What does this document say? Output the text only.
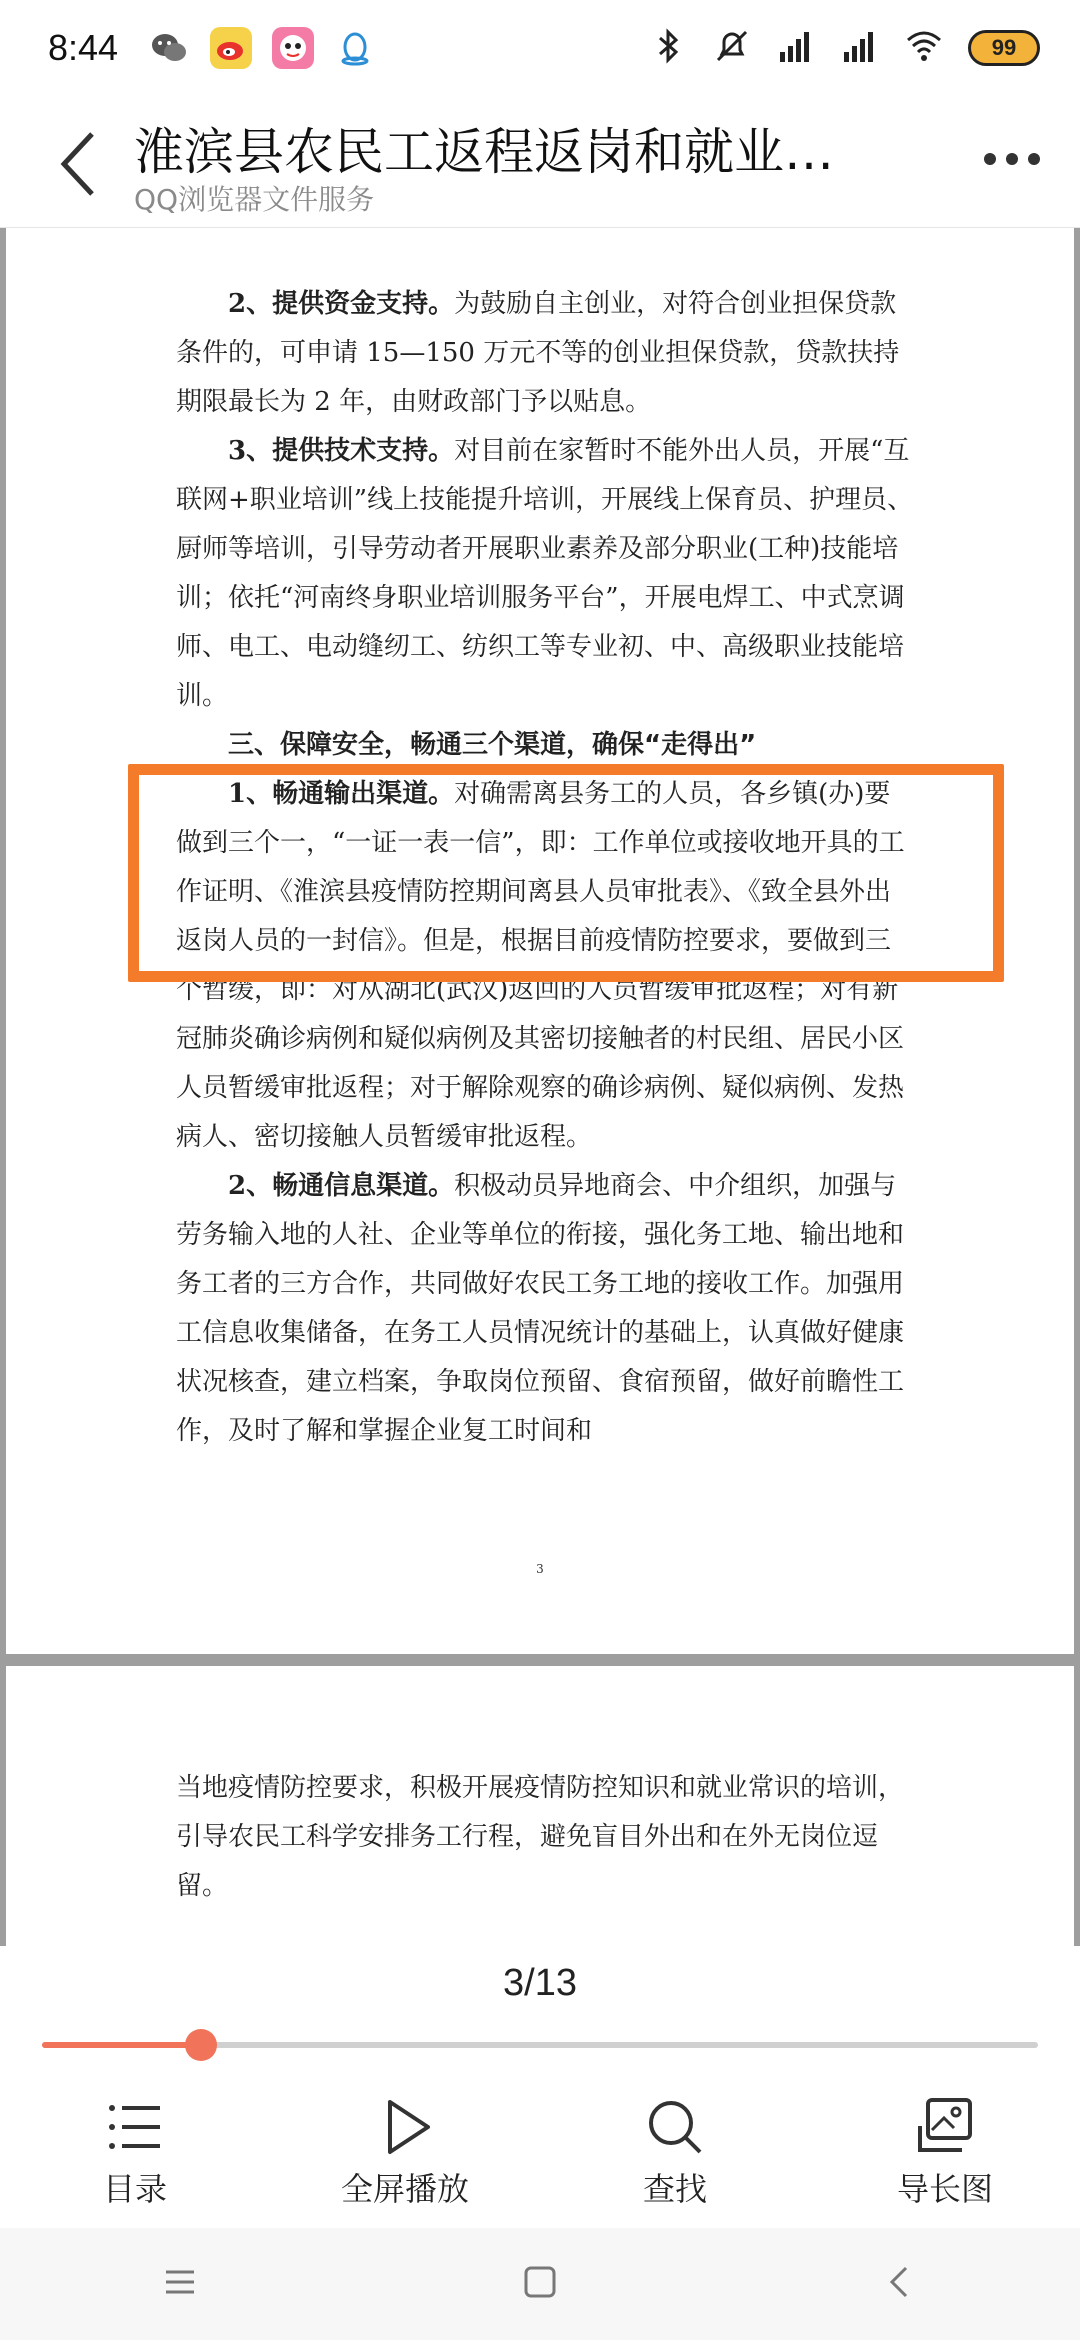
8:44	99
淮滨县农民工返程返岗和就业…
QQ浏览器文件服务

2、提供资金支持。为鼓励自主创业，对符合创业担保贷款条件的，可申请 15—150 万元不等的创业担保贷款，贷款扶持期限最长为 2 年，由财政部门予以贴息。

3、提供技术支持。对目前在家暂时不能外出人员，开展“互联网+职业培训”线上技能提升培训，开展线上保育员、护理员、厨师等培训，引导劳动者开展职业素养及部分职业(工种)技能培训；依托“河南终身职业培训服务平台”，开展电焊工、中式烹调师、电工、电动缝纫工、纺织工等专业初、中、高级职业技能培训。

三、保障安全，畅通三个渠道，确保“走得出”

1、畅通输出渠道。对确需离县务工的人员，各乡镇(办)要做到三个一，“一证一表一信”，即：工作单位或接收地开具的工作证明、《淮滨县疫情防控期间离县人员审批表》、《致全县外出返岗人员的一封信》。但是，根据目前疫情防控要求，要做到三个暂缓，即：对从湖北(武汉)返回的人员暂缓审批返程；对有新冠肺炎确诊病例和疑似病例及其密切接触者的村民组、居民小区人员暂缓审批返程；对于解除观察的确诊病例、疑似病例、发热病人、密切接触人员暂缓审批返程。

2、畅通信息渠道。积极动员异地商会、中介组织，加强与劳务输入地的人社、企业等单位的衔接，强化务工地、输出地和务工者的三方合作，共同做好农民工务工地的接收工作。加强用工信息收集储备，在务工人员情况统计的基础上，认真做好健康状况核查，建立档案，争取岗位预留、食宿预留，做好前瞻性工作，及时了解和掌握企业复工时间和

3

当地疫情防控要求，积极开展疫情防控知识和就业常识的培训，引导农民工科学安排务工行程，避免盲目外出和在外无岗位逗留。

3/13
目录	全屏播放	查找	导长图
